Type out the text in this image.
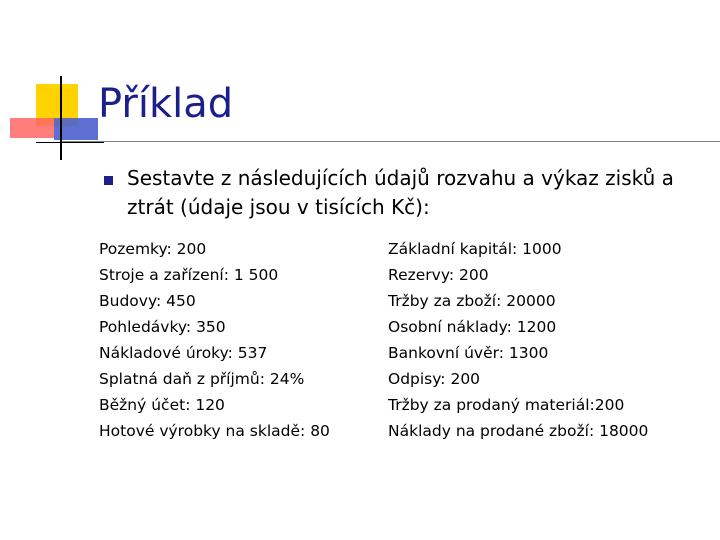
Příklad
Sestavte z následujících údajů rozvahu a výkaz zisků a ztrát (údaje jsou v tisících Kč):
Pozemky: 200
Stroje a zařízení: 1 500
Budovy: 450
Pohledávky: 350
Nákladové úroky: 537
Splatná daň z příjmů: 24%
Běžný účet: 120
Hotové výrobky na skladě: 80
Základní kapitál: 1000
Rezervy: 200
Tržby za zboží: 20000
Osobní náklady: 1200
Bankovní úvěr: 1300
Odpisy: 200
Tržby za prodaný materiál:200
Náklady na prodané zboží: 18000
